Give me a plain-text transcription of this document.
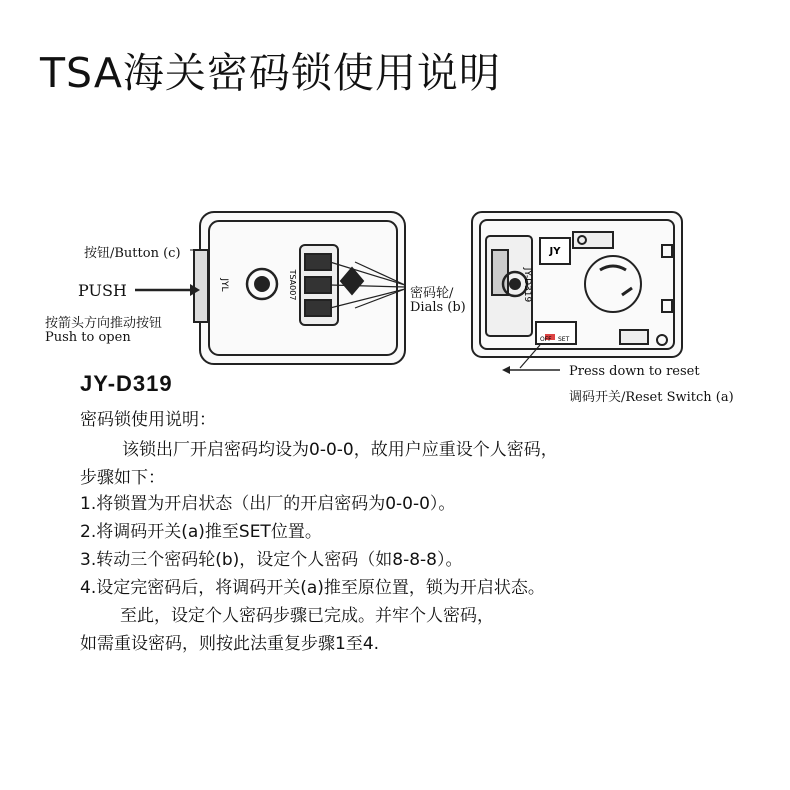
TSA海关密码锁使用说明
JYL	TSA007	JY-D319
JY
OFF SET
按钮/Button (c)
PUSH
按箭头方向推动按钮
Push to open
密码轮/
Dials (b)
Press down to reset
调码开关/Reset Switch (a)
JY-D319
密码锁使用说明：
该锁出厂开启密码均设为0-0-0，故用户应重设个人密码，
步骤如下：
1.将锁置为开启状态（出厂的开启密码为0-0-0）。
2.将调码开关(a)推至SET位置。
3.转动三个密码轮(b)，设定个人密码（如8-8-8）。
4.设定完密码后，将调码开关(a)推至原位置，锁为开启状态。
至此，设定个人密码步骤已完成。并牢个人密码，
如需重设密码，则按此法重复步骤1至4.
